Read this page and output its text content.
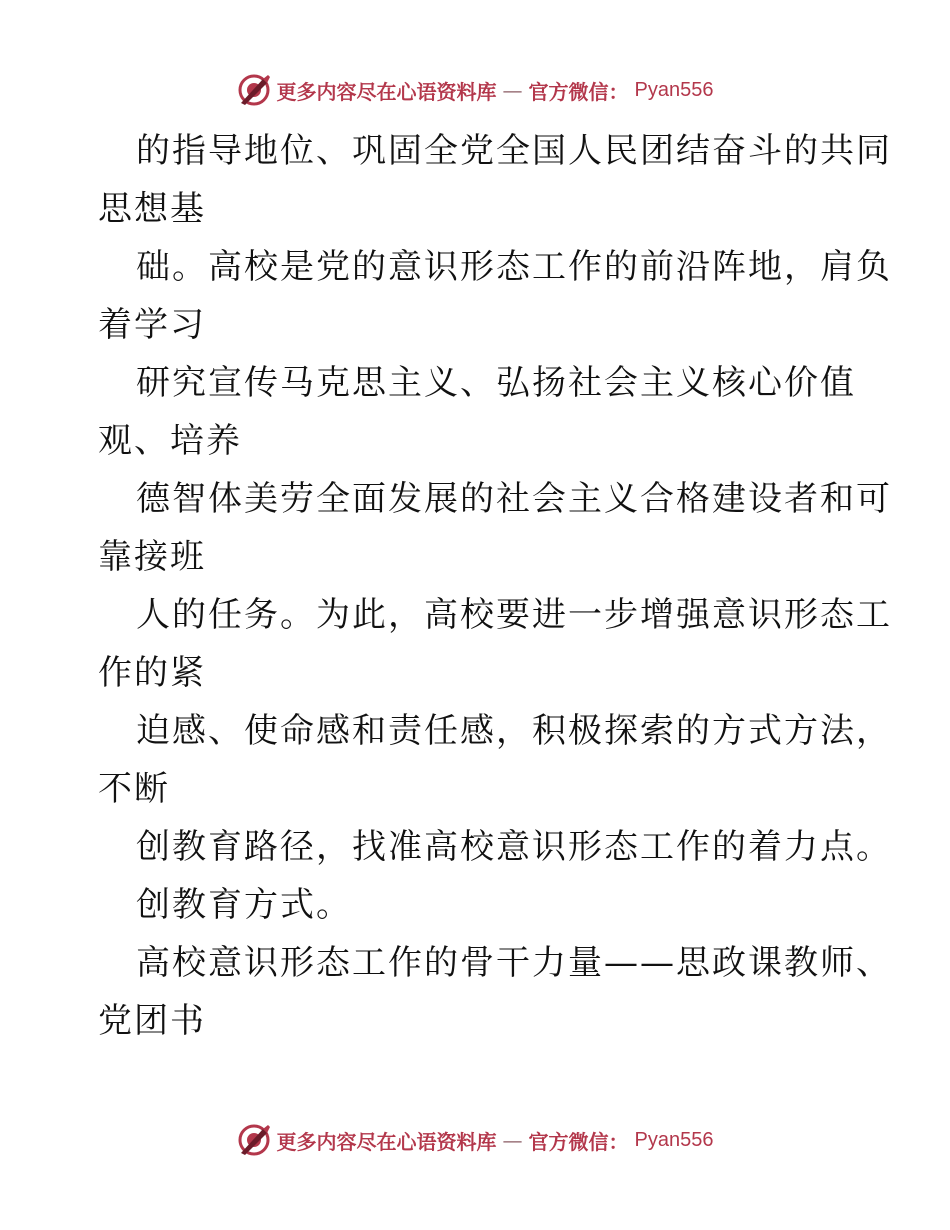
更多内容尽在心语资料库 — 官方微信： Pyan556
的指导地位、巩固全党全国人民团结奋斗的共同
思想基
础。高校是党的意识形态工作的前沿阵地，肩负
着学习
研究宣传马克思主义、弘扬社会主义核心价值
观、培养
德智体美劳全面发展的社会主义合格建设者和可
靠接班
人的任务。为此，高校要进一步增强意识形态工
作的紧
迫感、使命感和责任感，积极探索的方式方法，
不断
创教育路径，找准高校意识形态工作的着力点。
创教育方式。
高校意识形态工作的骨干力量——思政课教师、
党团书
更多内容尽在心语资料库 — 官方微信： Pyan556
